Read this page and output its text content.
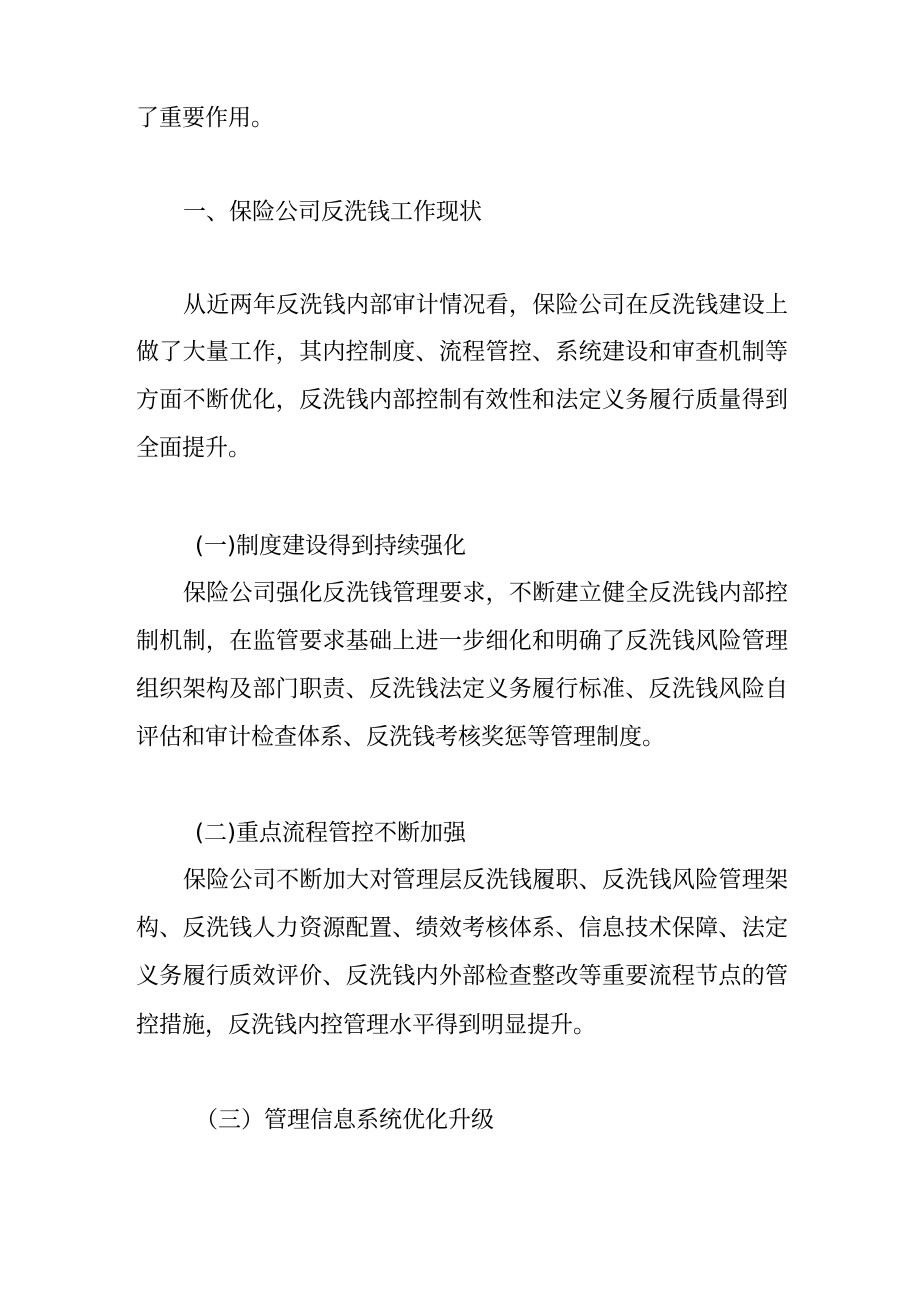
了重要作用。
一、保险公司反洗钱工作现状
从近两年反洗钱内部审计情况看，保险公司在反洗钱建设上
做了大量工作，其内控制度、流程管控、系统建设和审查机制等
方面不断优化，反洗钱内部控制有效性和法定义务履行质量得到
全面提升。
(一)制度建设得到持续强化
保险公司强化反洗钱管理要求，不断建立健全反洗钱内部控
制机制，在监管要求基础上进一步细化和明确了反洗钱风险管理
组织架构及部门职责、反洗钱法定义务履行标准、反洗钱风险自
评估和审计检查体系、反洗钱考核奖惩等管理制度。
(二)重点流程管控不断加强
保险公司不断加大对管理层反洗钱履职、反洗钱风险管理架
构、反洗钱人力资源配置、绩效考核体系、信息技术保障、法定
义务履行质效评价、反洗钱内外部检查整改等重要流程节点的管
控措施，反洗钱内控管理水平得到明显提升。
（三）管理信息系统优化升级
